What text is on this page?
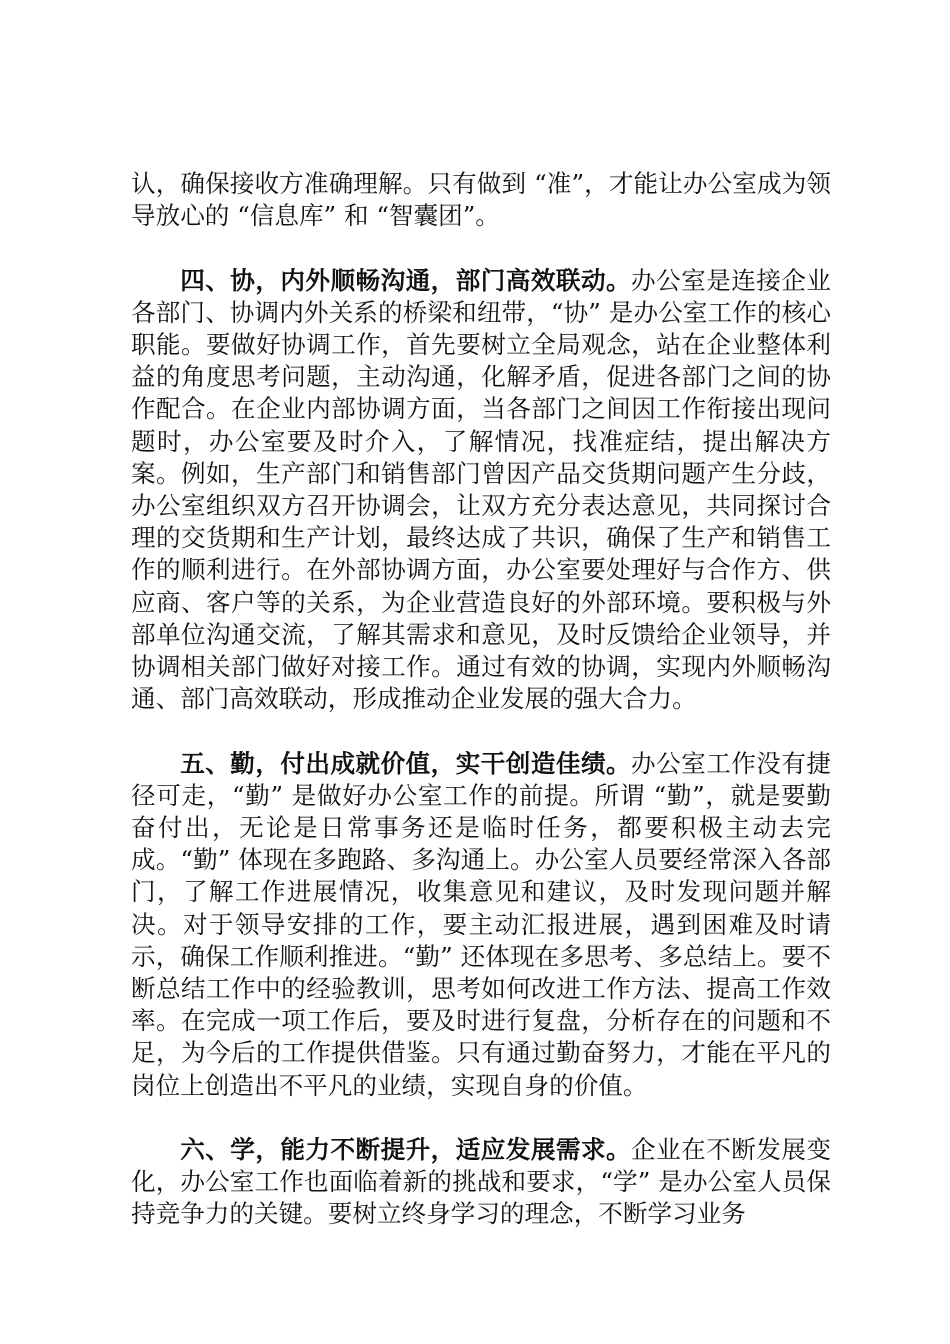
认，确保接收方准确理解。只有做到 “准”，才能让办公室成为领导放心的 “信息库” 和 “智囊团”。

四、协，内外顺畅沟通，部门高效联动。办公室是连接企业各部门、协调内外关系的桥梁和纽带，“协” 是办公室工作的核心职能。要做好协调工作，首先要树立全局观念，站在企业整体利益的角度思考问题，主动沟通，化解矛盾，促进各部门之间的协作配合。在企业内部协调方面，当各部门之间因工作衔接出现问题时，办公室要及时介入，了解情况，找准症结，提出解决方案。例如，生产部门和销售部门曾因产品交货期问题产生分歧，办公室组织双方召开协调会，让双方充分表达意见，共同探讨合理的交货期和生产计划，最终达成了共识，确保了生产和销售工作的顺利进行。在外部协调方面，办公室要处理好与合作方、供应商、客户等的关系，为企业营造良好的外部环境。要积极与外部单位沟通交流，了解其需求和意见，及时反馈给企业领导，并协调相关部门做好对接工作。通过有效的协调，实现内外顺畅沟通、部门高效联动，形成推动企业发展的强大合力。

五、勤，付出成就价值，实干创造佳绩。办公室工作没有捷径可走，“勤” 是做好办公室工作的前提。所谓 “勤”，就是要勤奋付出，无论是日常事务还是临时任务，都要积极主动去完成。“勤” 体现在多跑路、多沟通上。办公室人员要经常深入各部门，了解工作进展情况，收集意见和建议，及时发现问题并解决。对于领导安排的工作，要主动汇报进展，遇到困难及时请示，确保工作顺利推进。“勤” 还体现在多思考、多总结上。要不断总结工作中的经验教训，思考如何改进工作方法、提高工作效率。在完成一项工作后，要及时进行复盘，分析存在的问题和不足，为今后的工作提供借鉴。只有通过勤奋努力，才能在平凡的岗位上创造出不平凡的业绩，实现自身的价值。

六、学，能力不断提升，适应发展需求。企业在不断发展变化，办公室工作也面临着新的挑战和要求，“学” 是办公室人员保持竞争力的关键。要树立终身学习的理念，不断学习业务
